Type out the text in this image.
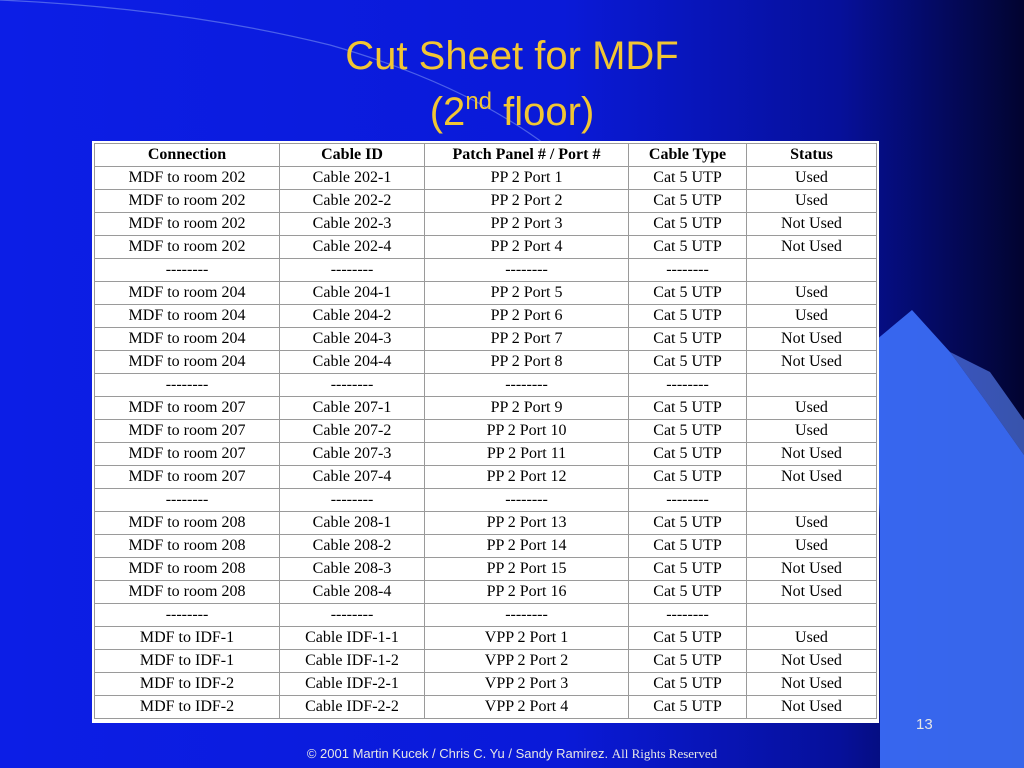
Cut Sheet for MDF
(2nd floor)
Connection	Cable ID	Patch Panel # / Port #	Cable Type	Status
MDF to room 202	Cable 202-1	PP 2 Port 1	Cat 5 UTP	Used
MDF to room 202	Cable 202-2	PP 2 Port 2	Cat 5 UTP	Used
MDF to room 202	Cable 202-3	PP 2 Port 3	Cat 5 UTP	Not Used
MDF to room 202	Cable 202-4	PP 2 Port 4	Cat 5 UTP	Not Used
--------	--------	--------	--------	
MDF to room 204	Cable 204-1	PP 2 Port 5	Cat 5 UTP	Used
MDF to room 204	Cable 204-2	PP 2 Port 6	Cat 5 UTP	Used
MDF to room 204	Cable 204-3	PP 2 Port 7	Cat 5 UTP	Not Used
MDF to room 204	Cable 204-4	PP 2 Port 8	Cat 5 UTP	Not Used
--------	--------	--------	--------	
MDF to room 207	Cable 207-1	PP 2 Port 9	Cat 5 UTP	Used
MDF to room 207	Cable 207-2	PP 2 Port 10	Cat 5 UTP	Used
MDF to room 207	Cable 207-3	PP 2 Port 11	Cat 5 UTP	Not Used
MDF to room 207	Cable 207-4	PP 2 Port 12	Cat 5 UTP	Not Used
--------	--------	--------	--------	
MDF to room 208	Cable 208-1	PP 2 Port 13	Cat 5 UTP	Used
MDF to room 208	Cable 208-2	PP 2 Port 14	Cat 5 UTP	Used
MDF to room 208	Cable 208-3	PP 2 Port 15	Cat 5 UTP	Not Used
MDF to room 208	Cable 208-4	PP 2 Port 16	Cat 5 UTP	Not Used
--------	--------	--------	--------	
MDF to IDF-1	Cable IDF-1-1	VPP 2 Port 1	Cat 5 UTP	Used
MDF to IDF-1	Cable IDF-1-2	VPP 2 Port 2	Cat 5 UTP	Not Used
MDF to IDF-2	Cable IDF-2-1	VPP 2 Port 3	Cat 5 UTP	Not Used
MDF to IDF-2	Cable IDF-2-2	VPP 2 Port 4	Cat 5 UTP	Not Used
13
© 2001 Martin Kucek / Chris C. Yu / Sandy Ramirez. All Rights Reserved
